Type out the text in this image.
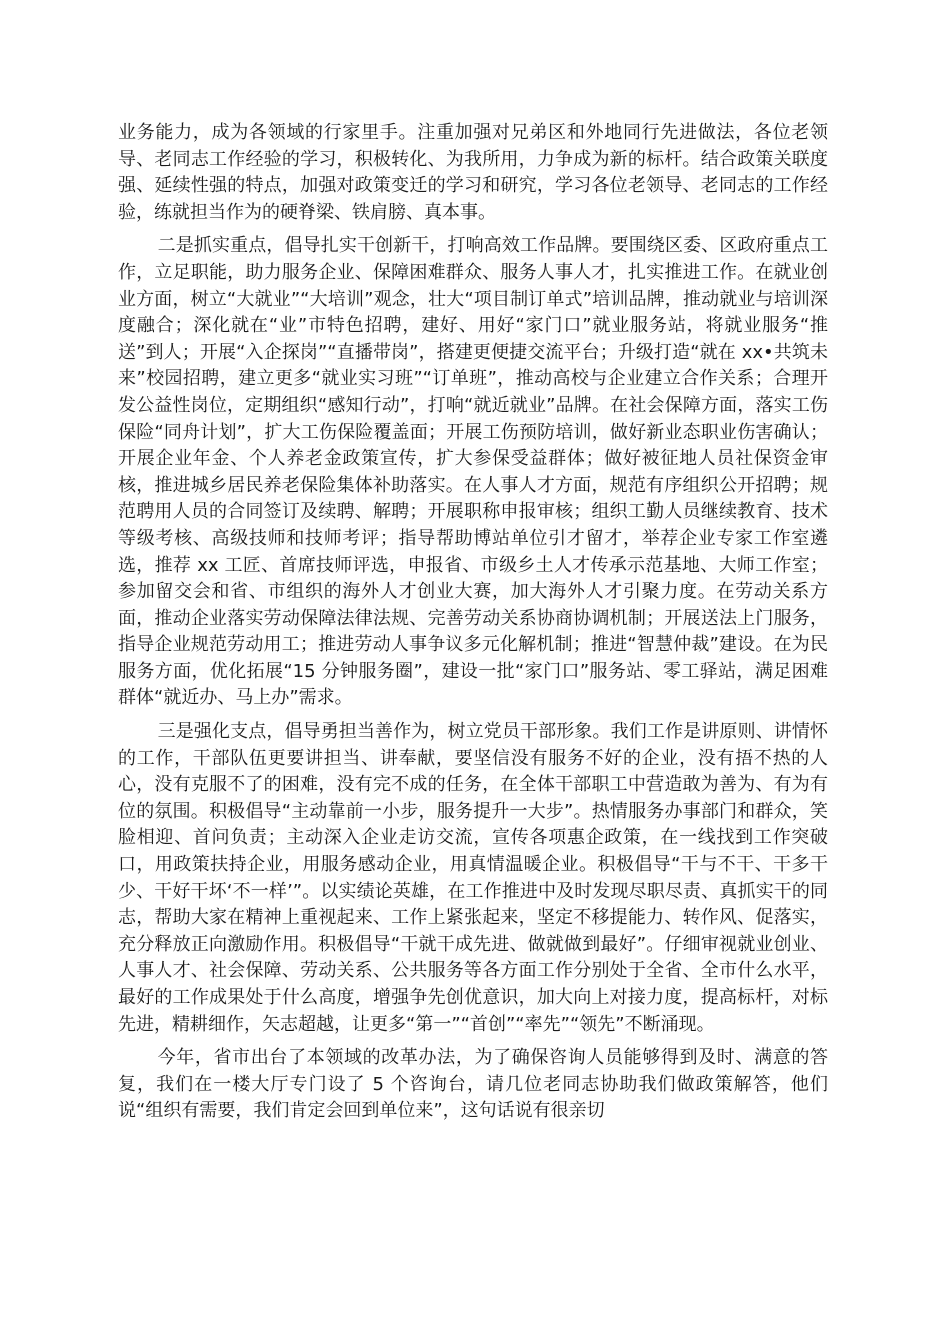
业务能力，成为各领域的行家里手。注重加强对兄弟区和外地同行先进做法，各位老领导、老同志工作经验的学习，积极转化、为我所用，力争成为新的标杆。结合政策关联度强、延续性强的特点，加强对政策变迁的学习和研究，学习各位老领导、老同志的工作经验，练就担当作为的硬脊梁、铁肩膀、真本事。

二是抓实重点，倡导扎实干创新干，打响高效工作品牌。要围绕区委、区政府重点工作，立足职能，助力服务企业、保障困难群众、服务人事人才，扎实推进工作。在就业创业方面，树立“大就业”“大培训”观念，壮大“项目制订单式”培训品牌，推动就业与培训深度融合；深化就在“业”市特色招聘，建好、用好“家门口”就业服务站，将就业服务“推送”到人；开展“入企探岗”“直播带岗”，搭建更便捷交流平台；升级打造“就在 xx•共筑未来”校园招聘，建立更多“就业实习班”“订单班”，推动高校与企业建立合作关系；合理开发公益性岗位，定期组织“感知行动”，打响“就近就业”品牌。在社会保障方面，落实工伤保险“同舟计划”，扩大工伤保险覆盖面；开展工伤预防培训，做好新业态职业伤害确认；开展企业年金、个人养老金政策宣传，扩大参保受益群体；做好被征地人员社保资金审核，推进城乡居民养老保险集体补助落实。在人事人才方面，规范有序组织公开招聘；规范聘用人员的合同签订及续聘、解聘；开展职称申报审核；组织工勤人员继续教育、技术等级考核、高级技师和技师考评；指导帮助博站单位引才留才，举荐企业专家工作室遴选，推荐 xx 工匠、首席技师评选，申报省、市级乡土人才传承示范基地、大师工作室；参加留交会和省、市组织的海外人才创业大赛，加大海外人才引聚力度。在劳动关系方面，推动企业落实劳动保障法律法规、完善劳动关系协商协调机制；开展送法上门服务，指导企业规范劳动用工；推进劳动人事争议多元化解机制；推进“智慧仲裁”建设。在为民服务方面，优化拓展“15 分钟服务圈”，建设一批“家门口”服务站、零工驿站，满足困难群体“就近办、马上办”需求。

三是强化支点，倡导勇担当善作为，树立党员干部形象。我们工作是讲原则、讲情怀的工作，干部队伍更要讲担当、讲奉献，要坚信没有服务不好的企业，没有捂不热的人心，没有克服不了的困难，没有完不成的任务，在全体干部职工中营造敢为善为、有为有位的氛围。积极倡导“主动靠前一小步，服务提升一大步”。热情服务办事部门和群众，笑脸相迎、首问负责；主动深入企业走访交流，宣传各项惠企政策，在一线找到工作突破口，用政策扶持企业，用服务感动企业，用真情温暖企业。积极倡导“干与不干、干多干少、干好干坏‘不一样’”。以实绩论英雄，在工作推进中及时发现尽职尽责、真抓实干的同志，帮助大家在精神上重视起来、工作上紧张起来，坚定不移提能力、转作风、促落实，充分释放正向激励作用。积极倡导“干就干成先进、做就做到最好”。仔细审视就业创业、人事人才、社会保障、劳动关系、公共服务等各方面工作分别处于全省、全市什么水平，最好的工作成果处于什么高度，增强争先创优意识，加大向上对接力度，提高标杆，对标先进，精耕细作，矢志超越，让更多“第一”“首创”“率先”“领先”不断涌现。

今年，省市出台了本领域的改革办法，为了确保咨询人员能够得到及时、满意的答复，我们在一楼大厅专门设了 5 个咨询台，请几位老同志协助我们做政策解答，他们说“组织有需要，我们肯定会回到单位来”，这句话说有很亲切
